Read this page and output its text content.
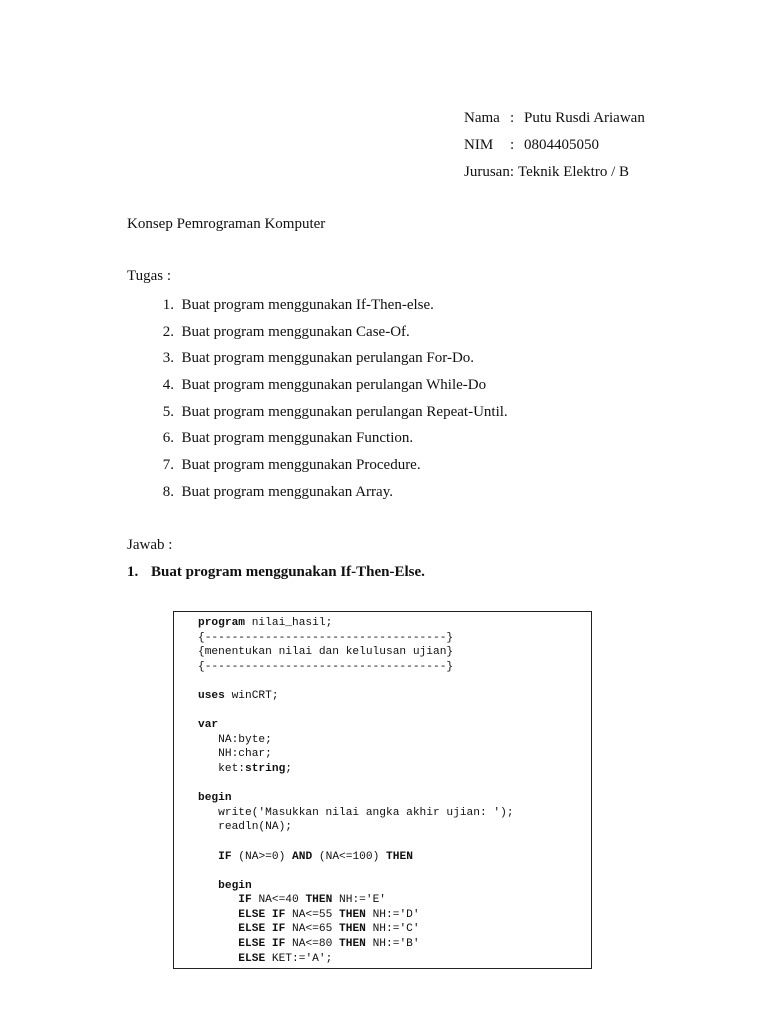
Nama : Putu Rusdi Ariawan
NIM : 0804405050
Jurusan: Teknik Elektro / B
Konsep Pemrograman Komputer
Tugas :
1. Buat program menggunakan If-Then-else.
2. Buat program menggunakan Case-Of.
3. Buat program menggunakan perulangan For-Do.
4. Buat program menggunakan perulangan While-Do
5. Buat program menggunakan perulangan Repeat-Until.
6. Buat program menggunakan Function.
7. Buat program menggunakan Procedure.
8. Buat program menggunakan Array.
Jawab :
1. Buat program menggunakan If-Then-Else.
program nilai_hasil;
{------------------------------------}
{menentukan nilai dan kelulusan ujian}
{------------------------------------}
uses winCRT;
var
NA:byte;
NH:char;
ket:string;
begin
write('Masukkan nilai angka akhir ujian: ');
readln(NA);
IF (NA>=0) AND (NA<=100) THEN
begin
IF NA<=40 THEN NH:='E'
ELSE IF NA<=55 THEN NH:='D'
ELSE IF NA<=65 THEN NH:='C'
ELSE IF NA<=80 THEN NH:='B'
ELSE KET:='A';
